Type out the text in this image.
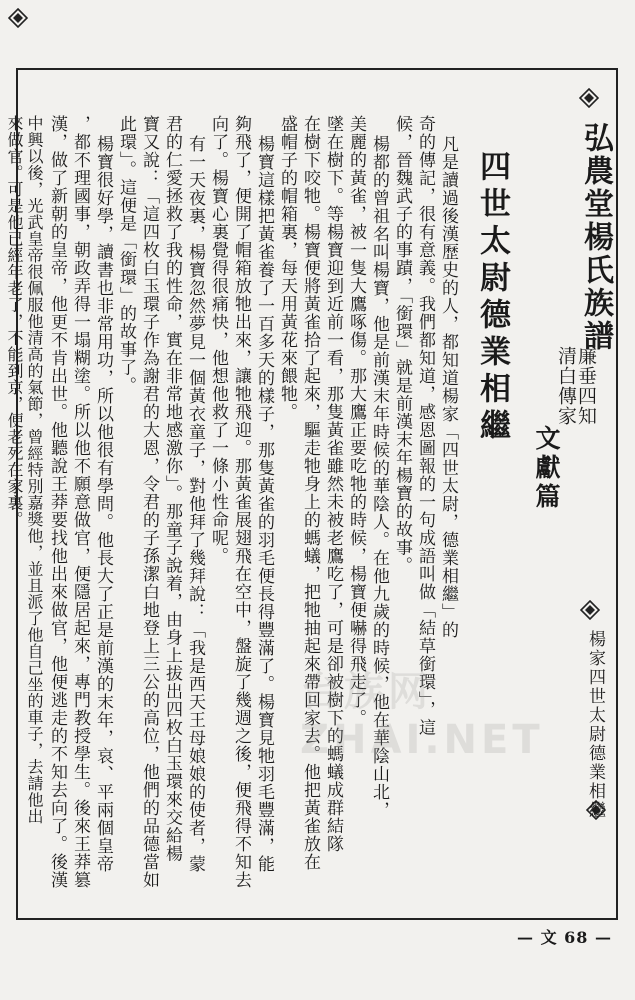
弘農堂楊氏族譜
廉垂四知
清白傳家
文獻篇
楊家四世太尉德業相繼
四世太尉德業相繼
凡是讀過後漢歷史的人，都知道楊家「四世太尉，德業相繼」的
奇的傳記，很有意義。我們都知道，感恩圖報的一句成語叫做「結草銜環」，這
候，晉魏武子的事蹟，「銜環」就是前漢末年楊寶的故事。
楊都的曾祖名叫楊寶，他是前漢末年時候的華陰人。在他九歲的時候，他在華陰山北，
美麗的黃雀，被一隻大鷹啄傷。那大鷹正要吃牠的時候，楊寶便嚇得飛走了。
墜在樹下。等楊寶迎到近前一看，那隻黃雀雖然未被老鷹吃了，可是卻被樹下的螞蟻成群結隊
在樹下咬牠。楊寶便將黃雀拾了起來，驅走牠身上的螞蟻，把牠抽起來帶回家去。他把黃雀放在
盛帽子的帽箱裏，每天用黃花來餵牠。
楊寶這樣把黃雀養了一百多天的樣子，那隻黃雀的羽毛便長得豐滿了。楊寶見牠羽毛豐滿，能
夠飛了，便開了帽箱放牠出來，讓牠飛迎。那黃雀展翅飛在空中，盤旋了幾週之後，便飛得不知去
向了。楊寶心裏覺得很痛快，他想他救了一條小性命呢。
有一天夜裏，楊寶忽然夢見一個黃衣童子，對他拜了幾拜說：「我是西天王母娘娘的使者，蒙
君的仁愛拯救了我的性命，實在非常地感激你」。那童子說着，由身上拔出四枚白玉環來交給楊
寶又說：「這四枚白玉環子作為謝君的大恩，令君的子孫潔白地登上三公的高位，他們的品德當如
此環」。這便是「銜環」的故事了。
楊寶很好學，讀書也非常用功，所以他很有學問。他長大了正是前漢的末年，哀、平兩個皇帝
，都不理國事，朝政弄得一塌糊塗。所以他不願意做官，便隱居起來，專門教授學生。後來王莽篡
漢，做了新朝的皇帝，他更不肯出世。他聽說王莽要找他出來做官，他便逃走的不知去向了。後漢
中興以後，光武皇帝很佩服他清高的氣節，曾經特別嘉獎他，並且派了他自己坐的車子，去請他出
來做官。可是他已經年老了，不能到京，便老死在家裏。
台族网 ZHAI.NET
— 文 68 —
